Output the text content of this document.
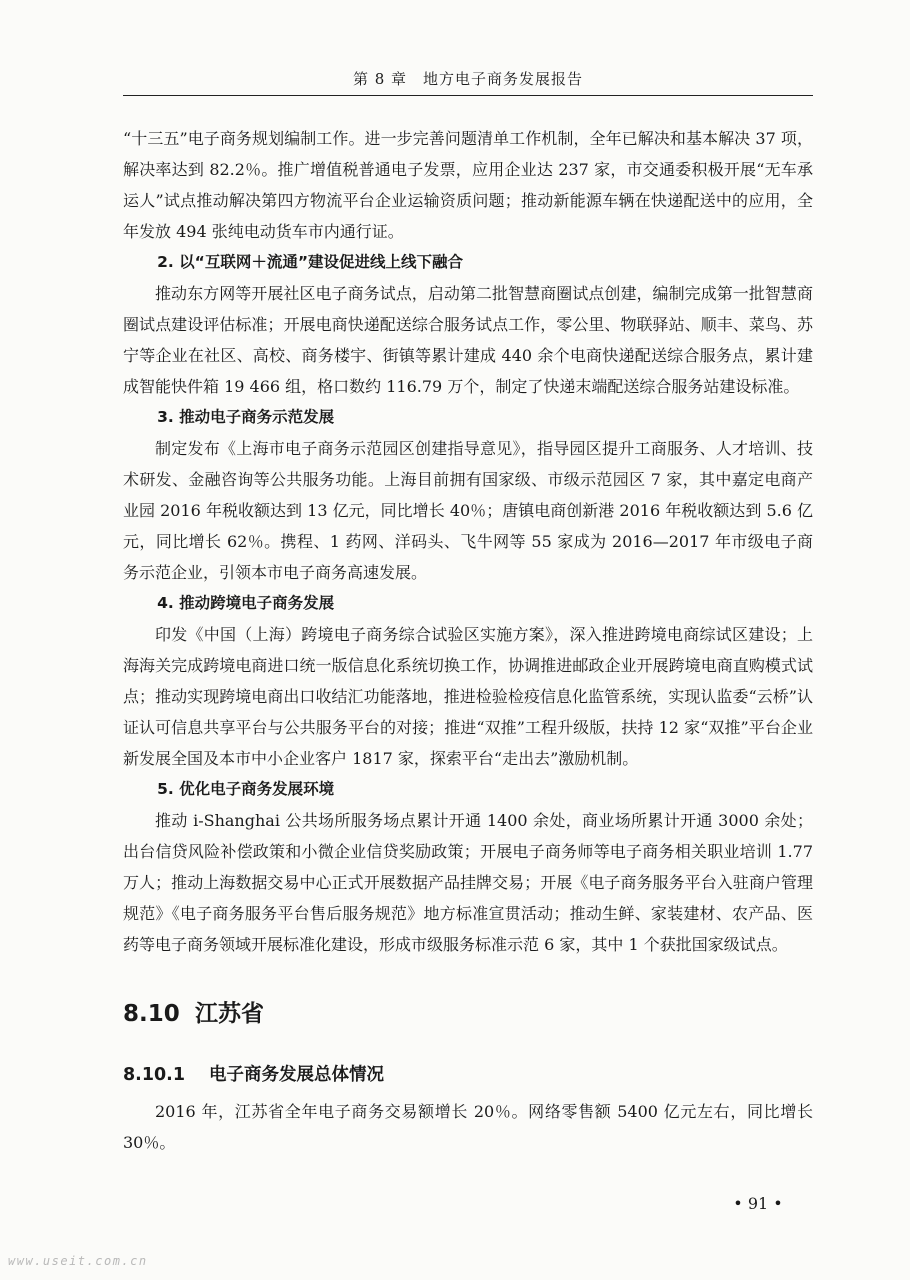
第 8 章　地方电子商务发展报告

“十三五”电子商务规划编制工作。进一步完善问题清单工作机制，全年已解决和基本解决 37 项，解决率达到 82.2％。推广增值税普通电子发票，应用企业达 237 家，市交通委积极开展“无车承运人”试点推动解决第四方物流平台企业运输资质问题；推动新能源车辆在快递配送中的应用，全年发放 494 张纯电动货车市内通行证。

2. 以“互联网＋流通”建设促进线上线下融合

推动东方网等开展社区电子商务试点，启动第二批智慧商圈试点创建，编制完成第一批智慧商圈试点建设评估标准；开展电商快递配送综合服务试点工作，零公里、物联驿站、顺丰、菜鸟、苏宁等企业在社区、高校、商务楼宇、街镇等累计建成 440 余个电商快递配送综合服务点，累计建成智能快件箱 19 466 组，格口数约 116.79 万个，制定了快递末端配送综合服务站建设标准。

3. 推动电子商务示范发展

制定发布《上海市电子商务示范园区创建指导意见》，指导园区提升工商服务、人才培训、技术研发、金融咨询等公共服务功能。上海目前拥有国家级、市级示范园区 7 家，其中嘉定电商产业园 2016 年税收额达到 13 亿元，同比增长 40％；唐镇电商创新港 2016 年税收额达到 5.6 亿元，同比增长 62％。携程、1 药网、洋码头、飞牛网等 55 家成为 2016—2017 年市级电子商务示范企业，引领本市电子商务高速发展。

4. 推动跨境电子商务发展

印发《中国（上海）跨境电子商务综合试验区实施方案》，深入推进跨境电商综试区建设；上海海关完成跨境电商进口统一版信息化系统切换工作，协调推进邮政企业开展跨境电商直购模式试点；推动实现跨境电商出口收结汇功能落地，推进检验检疫信息化监管系统，实现认监委“云桥”认证认可信息共享平台与公共服务平台的对接；推进“双推”工程升级版，扶持 12 家“双推”平台企业新发展全国及本市中小企业客户 1817 家，探索平台“走出去”激励机制。

5. 优化电子商务发展环境

推动 i-Shanghai 公共场所服务场点累计开通 1400 余处，商业场所累计开通 3000 余处；出台信贷风险补偿政策和小微企业信贷奖励政策；开展电子商务师等电子商务相关职业培训 1.77 万人；推动上海数据交易中心正式开展数据产品挂牌交易；开展《电子商务服务平台入驻商户管理规范》《电子商务服务平台售后服务规范》地方标准宣贯活动；推动生鲜、家装建材、农产品、医药等电子商务领域开展标准化建设，形成市级服务标准示范 6 家，其中 1 个获批国家级试点。

8.10 江苏省
8.10.1 电子商务发展总体情况

2016 年，江苏省全年电子商务交易额增长 20％。网络零售额 5400 亿元左右，同比增长 30％。

• 91 •
www.useit.com.cn
